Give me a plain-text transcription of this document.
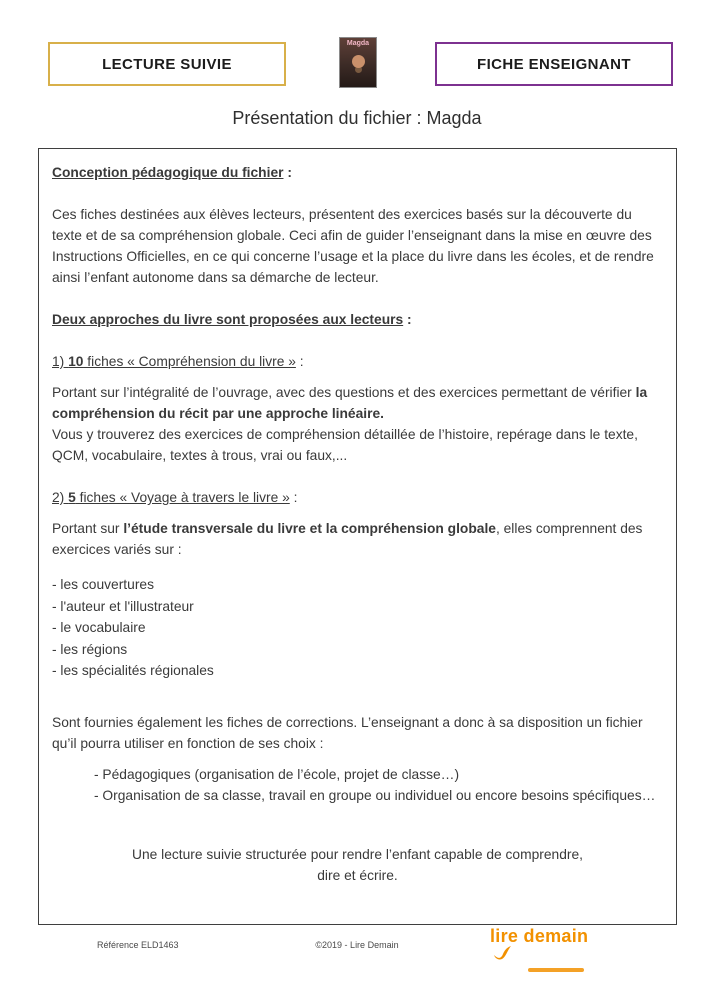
LECTURE SUIVIE
Magda
FICHE ENSEIGNANT
Présentation du fichier : Magda
Conception pédagogique du fichier :
Ces fiches destinées aux élèves lecteurs, présentent des exercices basés sur la découverte du texte et de sa compréhension globale. Ceci afin de guider l’enseignant dans la mise en œuvre des Instructions Officielles, en ce qui concerne l’usage et la place du livre dans les écoles, et de rendre ainsi l’enfant autonome dans sa démarche de lecteur.
Deux approches du livre sont proposées aux lecteurs :
1) 10 fiches « Compréhension du livre » :
Portant sur l’intégralité de l’ouvrage, avec des questions et des exercices permettant de vérifier la compréhension du récit par une approche linéaire.
Vous y trouverez des exercices de compréhension détaillée de l’histoire, repérage dans le texte, QCM, vocabulaire, textes à trous, vrai ou faux,...
2) 5 fiches « Voyage à travers le livre » :
Portant sur l’étude transversale du livre et la compréhension globale, elles comprennent des exercices variés sur :
- les couvertures
- l'auteur et l'illustrateur
- le vocabulaire
- les régions
- les spécialités régionales
Sont fournies également les fiches de corrections. L’enseignant a donc à sa disposition un fichier qu’il pourra utiliser en fonction de ses choix :
- Pédagogiques (organisation de l’école, projet de classe…)
- Organisation de sa classe, travail en groupe ou individuel ou encore besoins spécifiques…
Une lecture suivie structurée pour rendre l’enfant capable de comprendre, dire et écrire.
Référence ELD1463	©2019 - Lire Demain	lire demain
